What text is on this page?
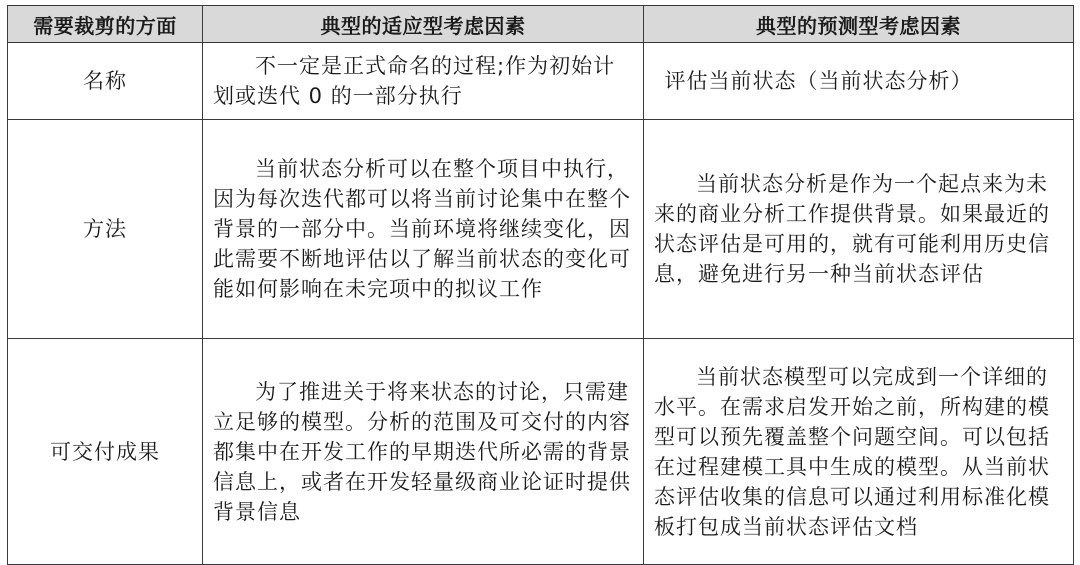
需要裁剪的方面	典型的适应型考虑因素	典型的预测型考虑因素
名称	不一定是正式命名的过程;作为初始计划或迭代 0 的一部分执行	评估当前状态（当前状态分析）
方法	当前状态分析可以在整个项目中执行，因为每次迭代都可以将当前讨论集中在整个背景的一部分中。当前环境将继续变化，因此需要不断地评估以了解当前状态的变化可能如何影响在未完项中的拟议工作	当前状态分析是作为一个起点来为未来的商业分析工作提供背景。如果最近的状态评估是可用的，就有可能利用历史信息，避免进行另一种当前状态评估
可交付成果	为了推进关于将来状态的讨论，只需建立足够的模型。分析的范围及可交付的内容都集中在开发工作的早期迭代所必需的背景信息上，或者在开发轻量级商业论证时提供背景信息	当前状态模型可以完成到一个详细的水平。在需求启发开始之前，所构建的模型可以预先覆盖整个问题空间。可以包括在过程建模工具中生成的模型。从当前状态评估收集的信息可以通过利用标准化模板打包成当前状态评估文档
